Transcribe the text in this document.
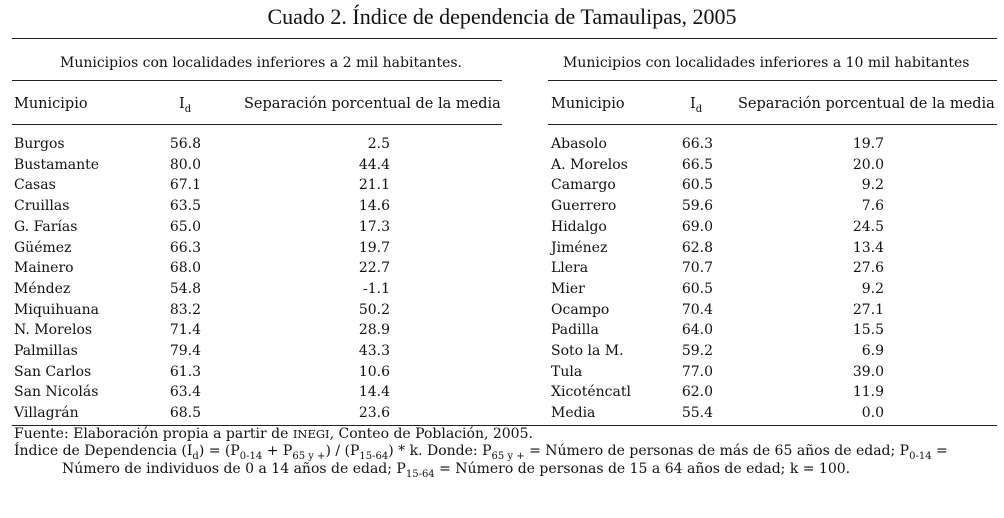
Cuado 2. Índice de dependencia de Tamaulipas, 2005
Municipios con localidades inferiores a 2 mil habitantes.
Municipio	$I_d$	Separación porcentual de la media
Burgos	56.8	2.5
Bustamante	80.0	44.4
Casas	67.1	21.1
Cruillas	63.5	14.6
G. Farías	65.0	17.3
Güémez	66.3	19.7
Mainero	68.0	22.7
Méndez	54.8	-1.1
Miquihuana	83.2	50.2
N. Morelos	71.4	28.9
Palmillas	79.4	43.3
San Carlos	61.3	10.6
San Nicolás	63.4	14.4
Villagrán	68.5	23.6
Municipios con localidades inferiores a 10 mil habitantes
Municipio	$I_d$ Separación porcentual de la media
Abasolo	66.3	19.7
A. Morelos	66.5	20.0
Camargo	60.5	9.2
Guerrero	59.6	7.6
Hidalgo	69.0	24.5
Jiménez	62.8	13.4
Llera	70.7	27.6
Mier	60.5	9.2
Ocampo	70.4	27.1
Padilla	64.0	15.5
Soto la M.	59.2	6.9
Tula	77.0	39.0
Xicoténcatl	62.0	11.9
Media	55.4	0.0
Fuente: Elaboración propia a partir de INEGI, Conteo de Población, 2005.
Índice de Dependencia $(I_d) = (P_{0-14} + P_{65 y +}) / (P_{15-64}) * k$. Donde: $P_{65 y +}$ = Número de personas de más de 65 años de edad; $P_{0-14}$ = Número de individuos de 0 a 14 años de edad; $P_{15-64}$ = Número de personas de 15 a 64 años de edad; k = 100.
